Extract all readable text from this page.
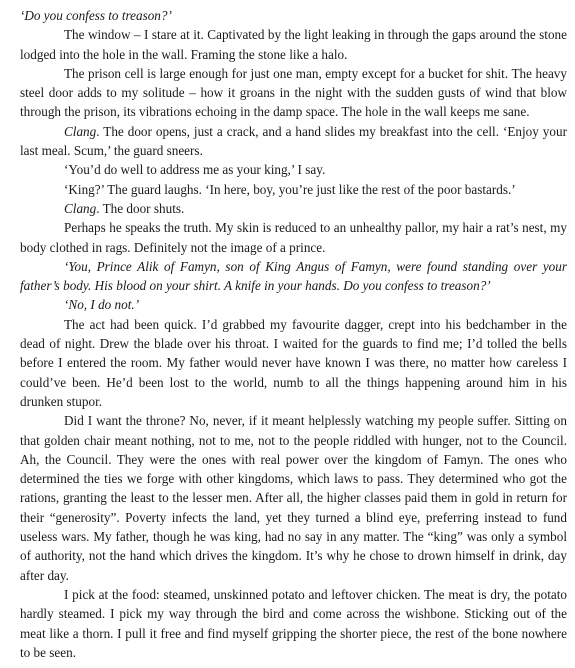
‘Do you confess to treason?’

The window – I stare at it. Captivated by the light leaking in through the gaps around the stone lodged into the hole in the wall. Framing the stone like a halo.

The prison cell is large enough for just one man, empty except for a bucket for shit. The heavy steel door adds to my solitude – how it groans in the night with the sudden gusts of wind that blow through the prison, its vibrations echoing in the damp space. The hole in the wall keeps me sane.

Clang. The door opens, just a crack, and a hand slides my breakfast into the cell. ‘Enjoy your last meal. Scum,’ the guard sneers.

‘You’d do well to address me as your king,’ I say.

‘King?’ The guard laughs. ‘In here, boy, you’re just like the rest of the poor bastards.’

Clang. The door shuts.

Perhaps he speaks the truth. My skin is reduced to an unhealthy pallor, my hair a rat’s nest, my body clothed in rags. Definitely not the image of a prince.

‘You, Prince Alik of Famyn, son of King Angus of Famyn, were found standing over your father’s body. His blood on your shirt. A knife in your hands. Do you confess to treason?’

‘No, I do not.’

The act had been quick. I’d grabbed my favourite dagger, crept into his bedchamber in the dead of night. Drew the blade over his throat. I waited for the guards to find me; I’d tolled the bells before I entered the room. My father would never have known I was there, no matter how careless I could’ve been. He’d been lost to the world, numb to all the things happening around him in his drunken stupor.

Did I want the throne? No, never, if it meant helplessly watching my people suffer. Sitting on that golden chair meant nothing, not to me, not to the people riddled with hunger, not to the Council. Ah, the Council. They were the ones with real power over the kingdom of Famyn. The ones who determined the ties we forge with other kingdoms, which laws to pass. They determined who got the rations, granting the least to the lesser men. After all, the higher classes paid them in gold in return for their “generosity”. Poverty infects the land, yet they turned a blind eye, preferring instead to fund useless wars. My father, though he was king, had no say in any matter. The “king” was only a symbol of authority, not the hand which drives the kingdom. It’s why he chose to drown himself in drink, day after day.

I pick at the food: steamed, unskinned potato and leftover chicken. The meat is dry, the potato hardly steamed. I pick my way through the bird and come across the wishbone. Sticking out of the meat like a thorn. I pull it free and find myself gripping the shorter piece, the rest of the bone nowhere to be seen.
